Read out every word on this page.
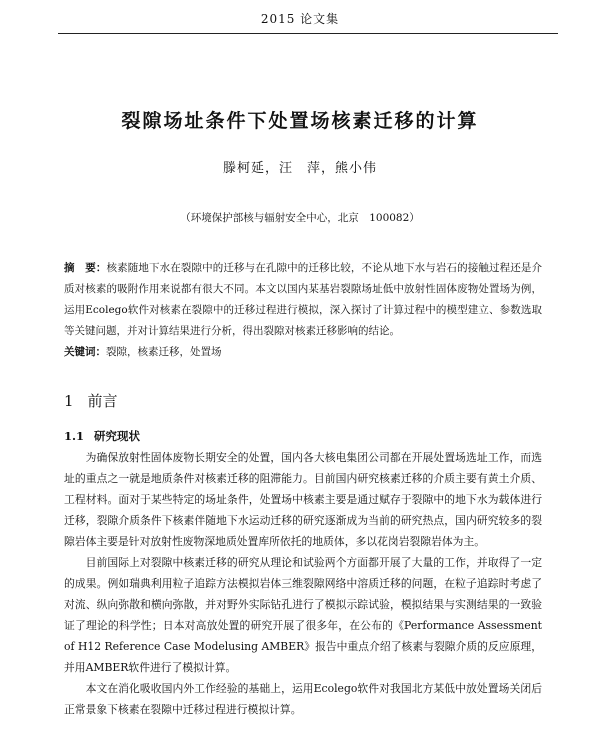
2015 论文集
裂隙场址条件下处置场核素迁移的计算
滕柯延，汪　萍，熊小伟
（环境保护部核与辐射安全中心，北京　100082）
摘　要：核素随地下水在裂隙中的迁移与在孔隙中的迁移比较，不论从地下水与岩石的接触过程还是介质对核素的吸附作用来说都有很大不同。本文以国内某基岩裂隙场址低中放射性固体废物处置场为例，运用Ecolego软件对核素在裂隙中的迁移过程进行模拟，深入探讨了计算过程中的模型建立、参数选取等关键问题，并对计算结果进行分析，得出裂隙对核素迁移影响的结论。
关键词：裂隙，核素迁移，处置场
1 前言
1.1 研究现状

为确保放射性固体废物长期安全的处置，国内各大核电集团公司都在开展处置场选址工作，而选址的重点之一就是地质条件对核素迁移的阻滞能力。目前国内研究核素迁移的介质主要有黄土介质、工程材料。面对于某些特定的场址条件，处置场中核素主要是通过赋存于裂隙中的地下水为载体进行迁移，裂隙介质条件下核素伴随地下水运动迁移的研究逐渐成为当前的研究热点，国内研究较多的裂隙岩体主要是针对放射性废物深地质处置库所依托的地质体，多以花岗岩裂隙岩体为主。

目前国际上对裂隙中核素迁移的研究从理论和试验两个方面都开展了大量的工作，并取得了一定的成果。例如瑞典利用粒子追踪方法模拟岩体三维裂隙网络中溶质迁移的问题，在粒子追踪时考虑了对流、纵向弥散和横向弥散，并对野外实际钻孔进行了模拟示踪试验，模拟结果与实测结果的一致验证了理论的科学性；日本对高放处置的研究开展了很多年，在公布的《Performance Assessment of H12 Reference Case Modelusing AMBER》报告中重点介绍了核素与裂隙介质的反应原理，并用AMBER软件进行了模拟计算。

本文在消化吸收国内外工作经验的基础上，运用Ecolego软件对我国北方某低中放处置场关闭后正常景象下核素在裂隙中迁移过程进行模拟计算。
